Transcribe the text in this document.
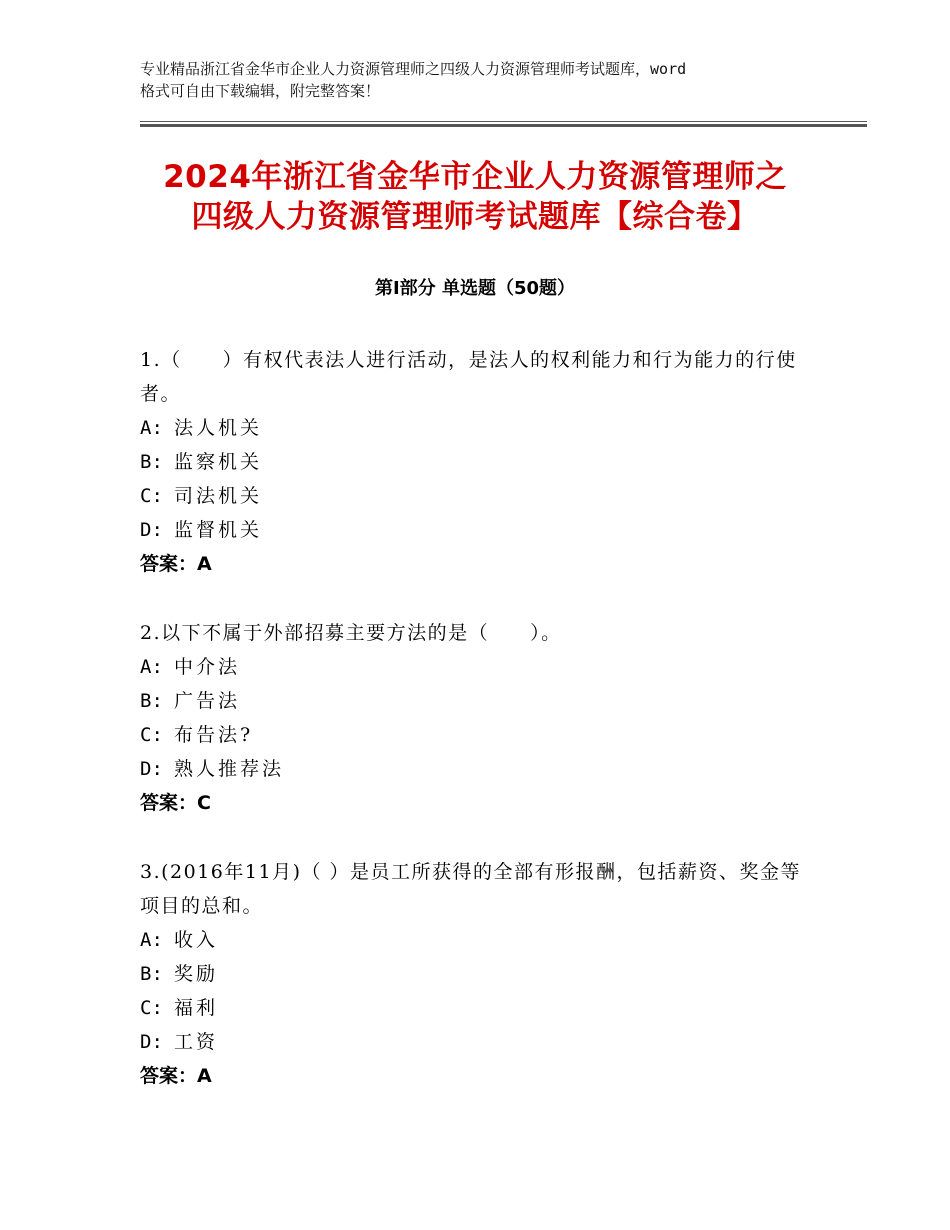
专业精品浙江省金华市企业人力资源管理师之四级人力资源管理师考试题库，word
格式可自由下载编辑，附完整答案！
2024年浙江省金华市企业人力资源管理师之
四级人力资源管理师考试题库【综合卷】
第Ⅰ部分 单选题（50题）
1.（　　）有权代表法人进行活动，是法人的权利能力和行为能力的行使者。
A: 法人机关
B: 监察机关
C: 司法机关
D: 监督机关
答案：A
2.以下不属于外部招募主要方法的是（　　）。
A: 中介法
B: 广告法
C: 布告法?
D: 熟人推荐法
答案：C
3.(2016年11月)（ ）是员工所获得的全部有形报酬，包括薪资、奖金等项目的总和。
A: 收入
B: 奖励
C: 福利
D: 工资
答案：A
